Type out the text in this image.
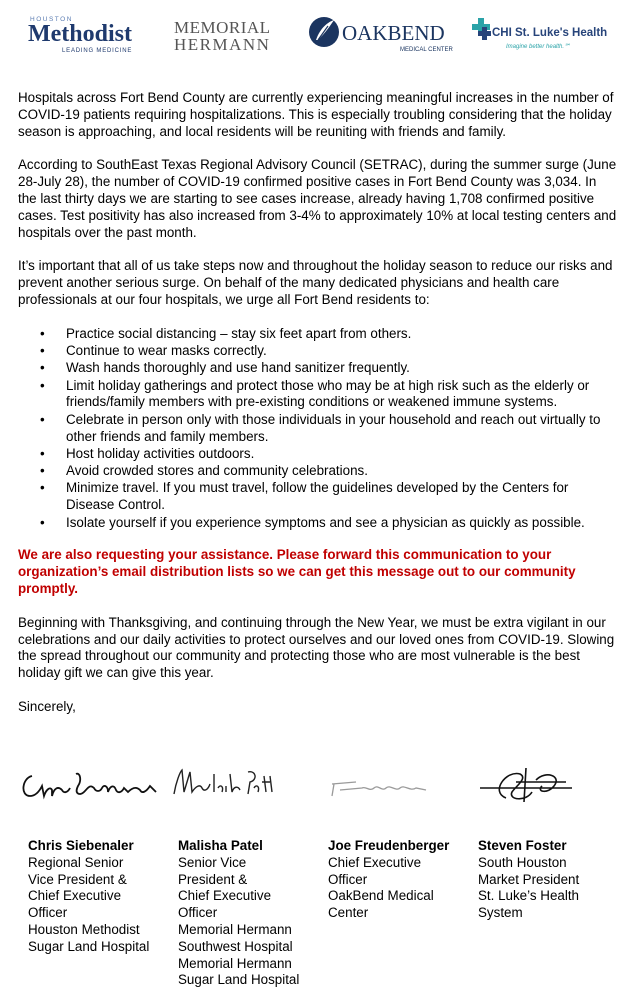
HOUSTON
Methodist
LEADING MEDICINE
MEMORIAL
HERMANN	OAKBEND
MEDICAL CENTER
CHI St. Luke's Health
Imagine better health.℠

Hospitals across Fort Bend County are currently experiencing meaningful increases in the number of COVID-19 patients requiring hospitalizations. This is especially troubling considering that the holiday season is approaching, and local residents will be reuniting with friends and family.

According to SouthEast Texas Regional Advisory Council (SETRAC), during the summer surge (June 28-July 28), the number of COVID-19 confirmed positive cases in Fort Bend County was 3,034. In the last thirty days we are starting to see cases increase, already having 1,708 confirmed positive cases. Test positivity has also increased from 3-4% to approximately 10% at local testing centers and hospitals over the past month.

It’s important that all of us take steps now and throughout the holiday season to reduce our risks and prevent another serious surge. On behalf of the many dedicated physicians and health care professionals at our four hospitals, we urge all Fort Bend residents to:

• Practice social distancing – stay six feet apart from others.
• Continue to wear masks correctly.
• Wash hands thoroughly and use hand sanitizer frequently.
• Limit holiday gatherings and protect those who may be at high risk such as the elderly or friends/family members with pre-existing conditions or weakened immune systems.
• Celebrate in person only with those individuals in your household and reach out virtually to other friends and family members.
• Host holiday activities outdoors.
• Avoid crowded stores and community celebrations.
• Minimize travel. If you must travel, follow the guidelines developed by the Centers for Disease Control.
• Isolate yourself if you experience symptoms and see a physician as quickly as possible.

We are also requesting your assistance. Please forward this communication to your organization’s email distribution lists so we can get this message out to our community promptly.

Beginning with Thanksgiving, and continuing through the New Year, we must be extra vigilant in our celebrations and our daily activities to protect ourselves and our loved ones from COVID-19. Slowing the spread throughout our community and protecting those who are most vulnerable is the best holiday gift we can give this year.

Sincerely,

Chris Siebenaler
Regional Senior
Vice President &
Chief Executive
Officer
Houston Methodist
Sugar Land Hospital
Malisha Patel
Senior Vice
President &
Chief Executive
Officer
Memorial Hermann
Southwest Hospital
Memorial Hermann
Sugar Land Hospital
Joe Freudenberger
Chief Executive
Officer
OakBend Medical
Center
Steven Foster
South Houston
Market President
St. Luke’s Health
System
